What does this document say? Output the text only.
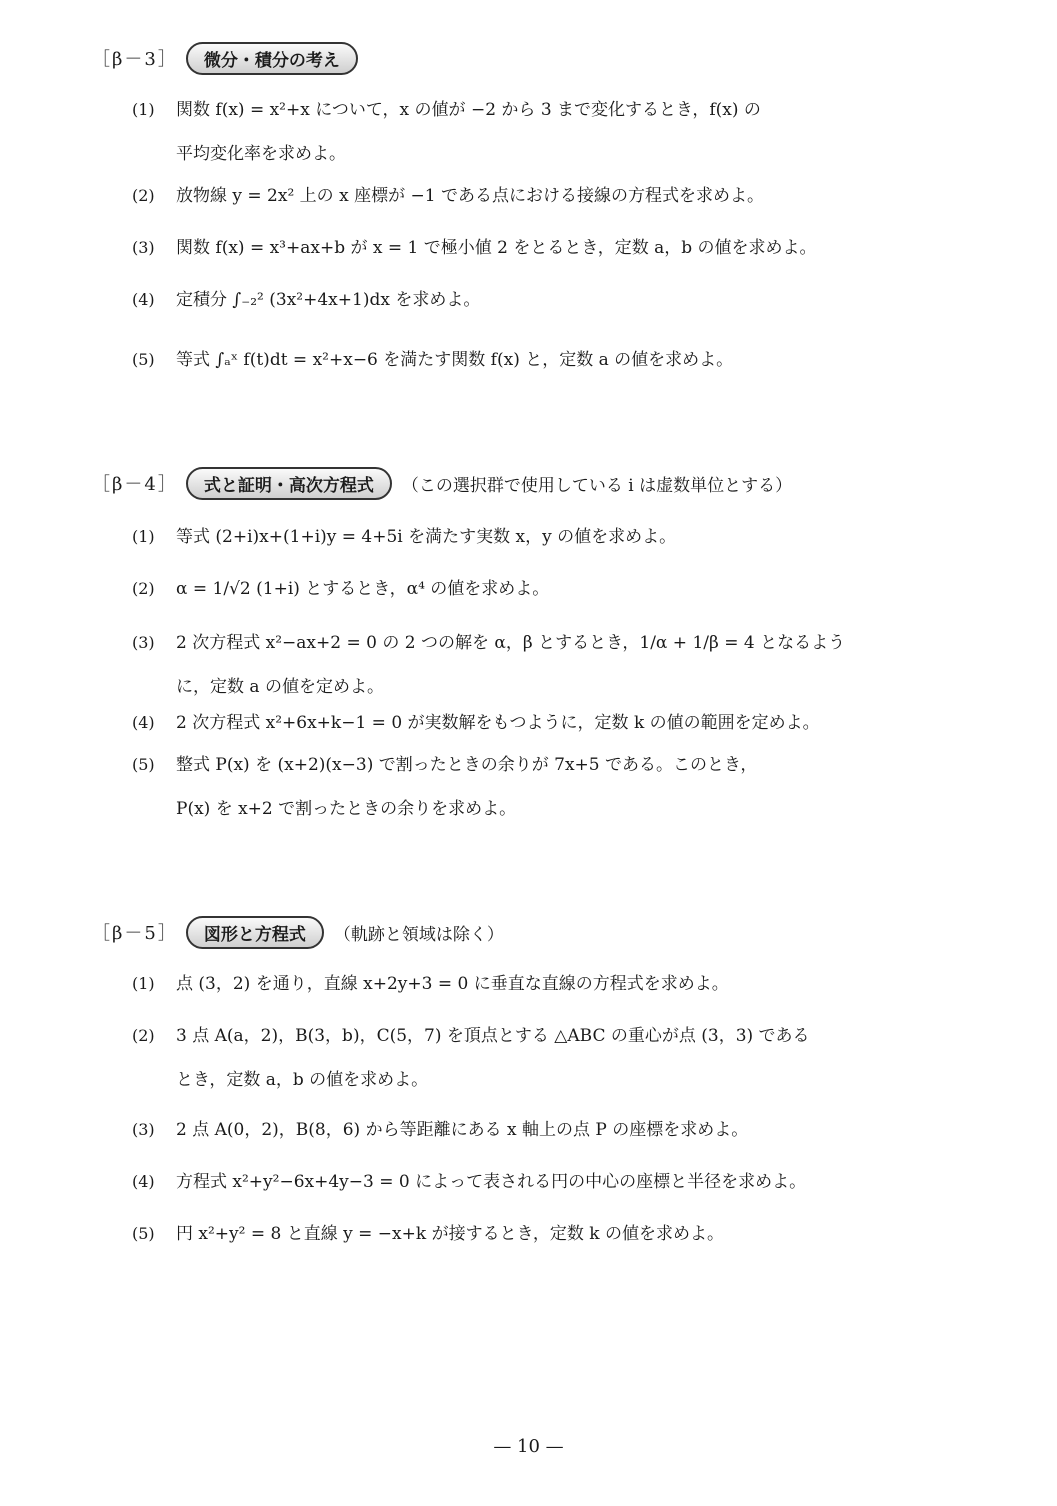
［β－3］	微分・積分の考え
(1)	関数 f(x) = x²+x について，x の値が −2 から 3 まで変化するとき，f(x) の
平均変化率を求めよ。
(2)	放物線 y = 2x² 上の x 座標が −1 である点における接線の方程式を求めよ。
(3)	関数 f(x) = x³+ax+b が x = 1 で極小値 2 をとるとき，定数 a，b の値を求めよ。
(4)	定積分 ∫₋₂² (3x²+4x+1)dx を求めよ。
(5)	等式 ∫ₐˣ f(t)dt = x²+x−6 を満たす関数 f(x) と，定数 a の値を求めよ。
［β－4］	式と証明・高次方程式	（この選択群で使用している i は虚数単位とする）
(1)	等式 (2+i)x+(1+i)y = 4+5i を満たす実数 x，y の値を求めよ。
(2)	α = 1/√2 (1+i) とするとき，α⁴ の値を求めよ。
(3)	2 次方程式 x²−ax+2 = 0 の 2 つの解を α，β とするとき，1/α + 1/β = 4 となるよう
に，定数 a の値を定めよ。
(4)	2 次方程式 x²+6x+k−1 = 0 が実数解をもつように，定数 k の値の範囲を定めよ。
(5)	整式 P(x) を (x+2)(x−3) で割ったときの余りが 7x+5 である。このとき，
P(x) を x+2 で割ったときの余りを求めよ。
［β－5］	図形と方程式	（軌跡と領域は除く）
(1)	点 (3，2) を通り，直線 x+2y+3 = 0 に垂直な直線の方程式を求めよ。
(2)	3 点 A(a，2)，B(3，b)，C(5，7) を頂点とする △ABC の重心が点 (3，3) である
とき，定数 a，b の値を求めよ。
(3)	2 点 A(0，2)，B(8，6) から等距離にある x 軸上の点 P の座標を求めよ。
(4)	方程式 x²+y²−6x+4y−3 = 0 によって表される円の中心の座標と半径を求めよ。
(5)	円 x²+y² = 8 と直線 y = −x+k が接するとき，定数 k の値を求めよ。
— 10 —
